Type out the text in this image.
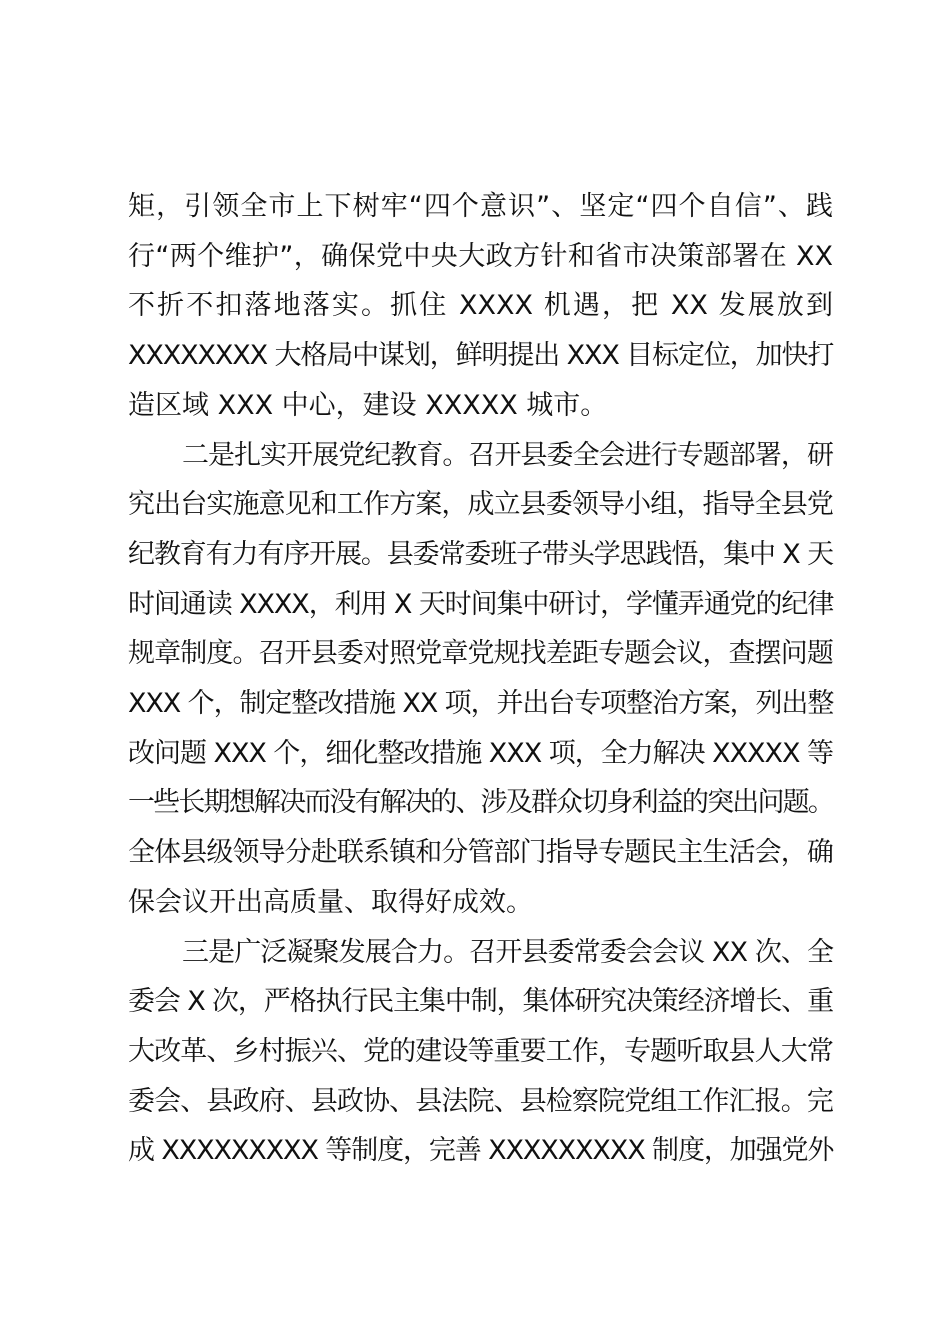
矩，引领全市上下树牢“四个意识”、坚定“四个自信”、践
行“两个维护”，确保党中央大政方针和省市决策部署在 XX
不折不扣落地落实。抓住 XXXX 机遇，把 XX 发展放到
XXXXXXXX 大格局中谋划，鲜明提出 XXX 目标定位，加快打
造区域 XXX 中心，建设 XXXXX 城市。

二是扎实开展党纪教育。召开县委全会进行专题部署，研
究出台实施意见和工作方案，成立县委领导小组，指导全县党
纪教育有力有序开展。县委常委班子带头学思践悟，集中 X 天
时间通读 XXXX，利用 X 天时间集中研讨，学懂弄通党的纪律
规章制度。召开县委对照党章党规找差距专题会议，查摆问题
XXX 个，制定整改措施 XX 项，并出台专项整治方案，列出整
改问题 XXX 个，细化整改措施 XXX 项，全力解决 XXXXX 等
一些长期想解决而没有解决的、涉及群众切身利益的突出问题。
全体县级领导分赴联系镇和分管部门指导专题民主生活会，确
保会议开出高质量、取得好成效。

三是广泛凝聚发展合力。召开县委常委会会议 XX 次、全
委会 X 次，严格执行民主集中制，集体研究决策经济增长、重
大改革、乡村振兴、党的建设等重要工作，专题听取县人大常
委会、县政府、县政协、县法院、县检察院党组工作汇报。完
成 XXXXXXXXX 等制度，完善 XXXXXXXXX 制度，加强党外
